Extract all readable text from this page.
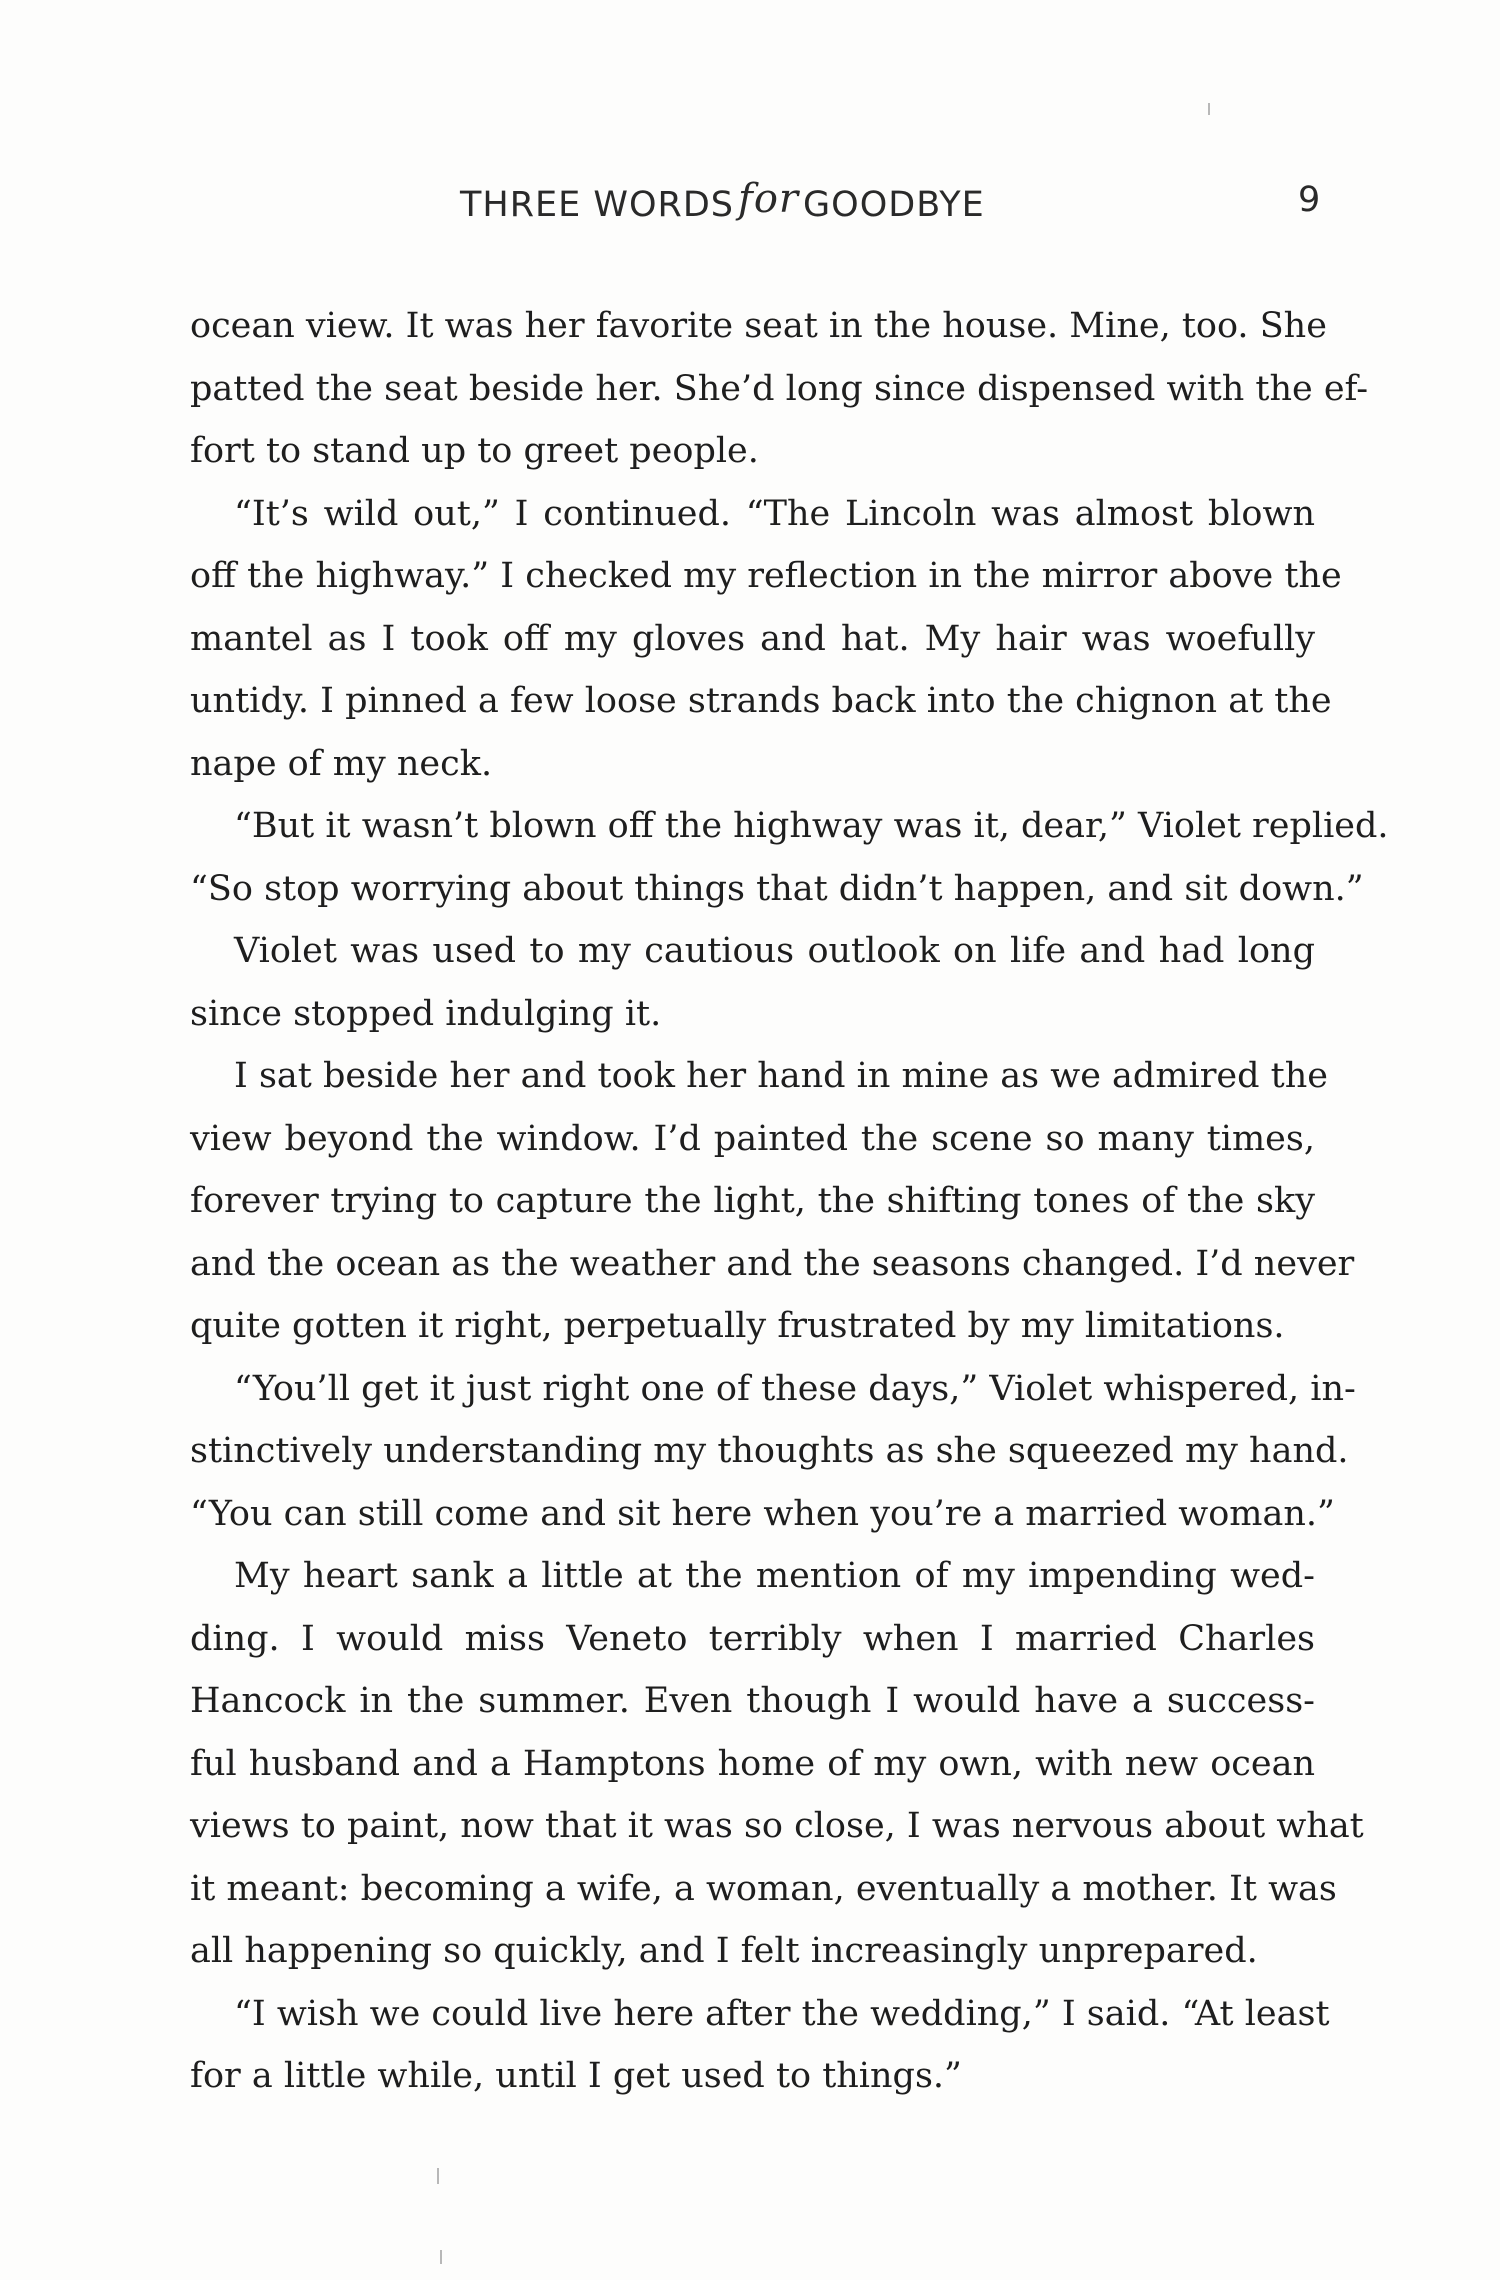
THREE WORDS for GOODBYE	9
ocean view. It was her favorite seat in the house. Mine, too. She
patted the seat beside her. She’d long since dispensed with the ef-
fort to stand up to greet people.
“It’s wild out,” I continued. “The Lincoln was almost blown
off the highway.” I checked my reflection in the mirror above the
mantel as I took off my gloves and hat. My hair was woefully
untidy. I pinned a few loose strands back into the chignon at the
nape of my neck.
“But it wasn’t blown off the highway was it, dear,” Violet replied.
“So stop worrying about things that didn’t happen, and sit down.”
Violet was used to my cautious outlook on life and had long
since stopped indulging it.
I sat beside her and took her hand in mine as we admired the
view beyond the window. I’d painted the scene so many times,
forever trying to capture the light, the shifting tones of the sky
and the ocean as the weather and the seasons changed. I’d never
quite gotten it right, perpetually frustrated by my limitations.
“You’ll get it just right one of these days,” Violet whispered, in-
stinctively understanding my thoughts as she squeezed my hand.
“You can still come and sit here when you’re a married woman.”
My heart sank a little at the mention of my impending wed-
ding. I would miss Veneto terribly when I married Charles
Hancock in the summer. Even though I would have a success-
ful husband and a Hamptons home of my own, with new ocean
views to paint, now that it was so close, I was nervous about what
it meant: becoming a wife, a woman, eventually a mother. It was
all happening so quickly, and I felt increasingly unprepared.
“I wish we could live here after the wedding,” I said. “At least
for a little while, until I get used to things.”
